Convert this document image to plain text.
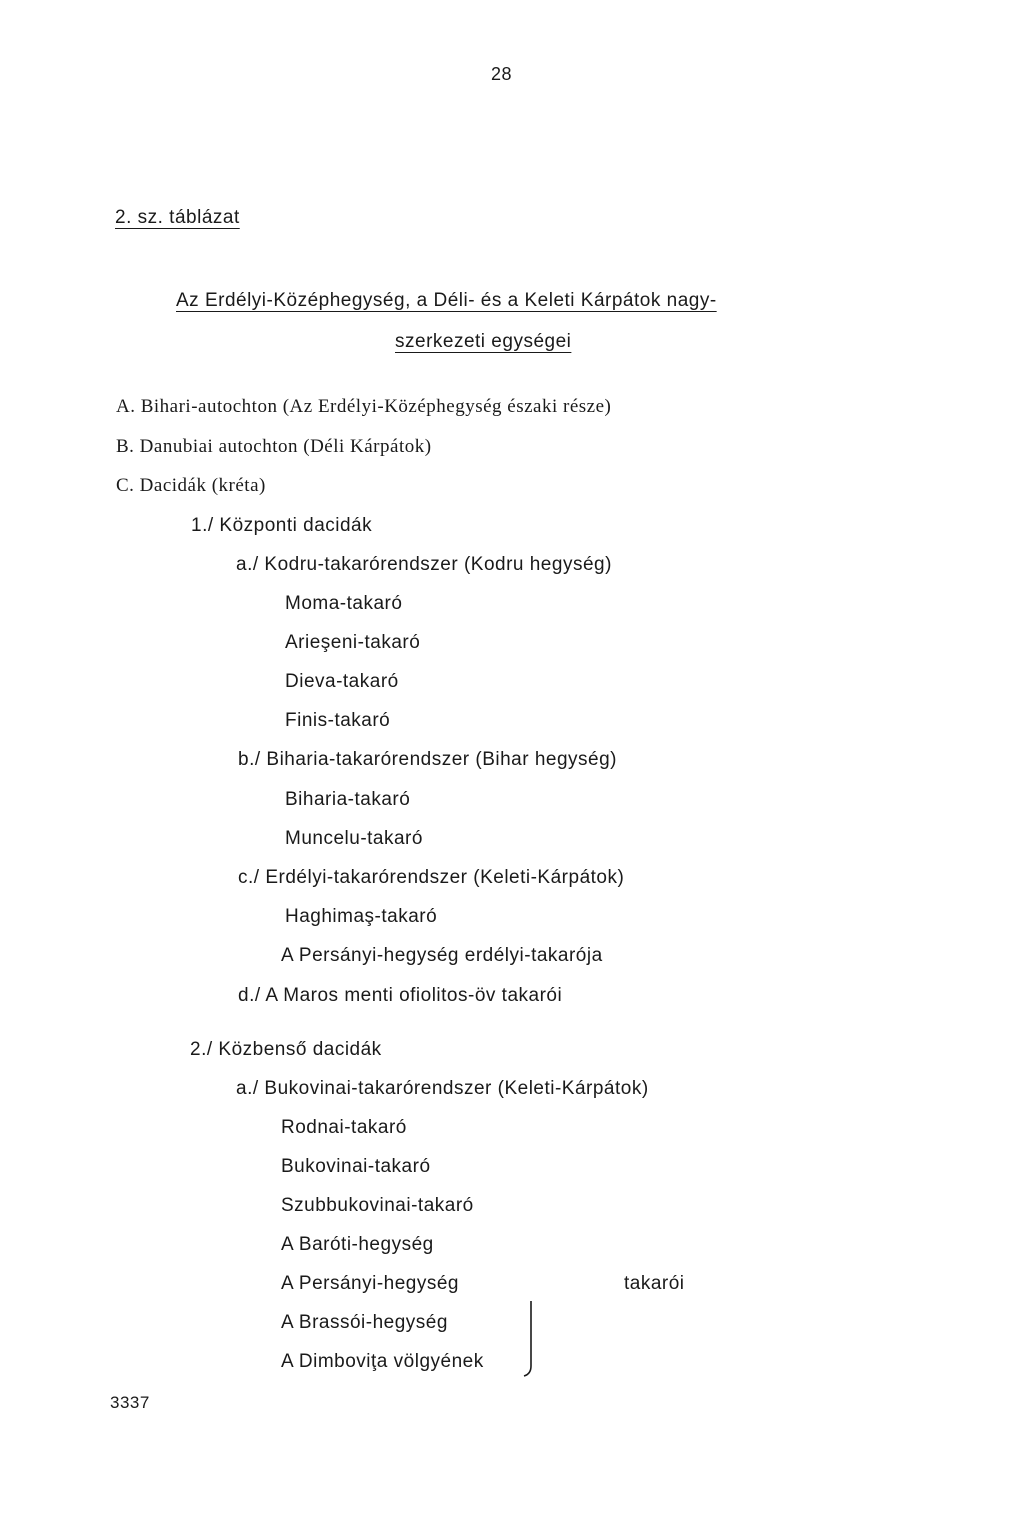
28
2. sz. táblázat
Az Erdélyi-Középhegység, a Déli- és a Keleti Kárpátok nagy-
szerkezeti egységei
A. Bihari-autochton (Az Erdélyi-Középhegység északi része)
B. Danubiai autochton (Déli Kárpátok)
C. Dacidák (kréta)
1./ Központi dacidák
a./ Kodru-takarórendszer (Kodru hegység)
Moma-takaró
Arieşeni-takaró
Dieva-takaró
Finis-takaró
b./ Biharia-takarórendszer (Bihar hegység)
Biharia-takaró
Muncelu-takaró
c./ Erdélyi-takarórendszer (Keleti-Kárpátok)
Haghimaş-takaró
A Persányi-hegység erdélyi-takarója
d./ A Maros menti ofiolitos-öv takarói
2./ Közbenső dacidák
a./ Bukovinai-takarórendszer (Keleti-Kárpátok)
Rodnai-takaró
Bukovinai-takaró
Szubbukovinai-takaró
A Baróti-hegység
A Persányi-hegység
A Brassói-hegység
A Dimboviţa völgyének
takarói
3337
